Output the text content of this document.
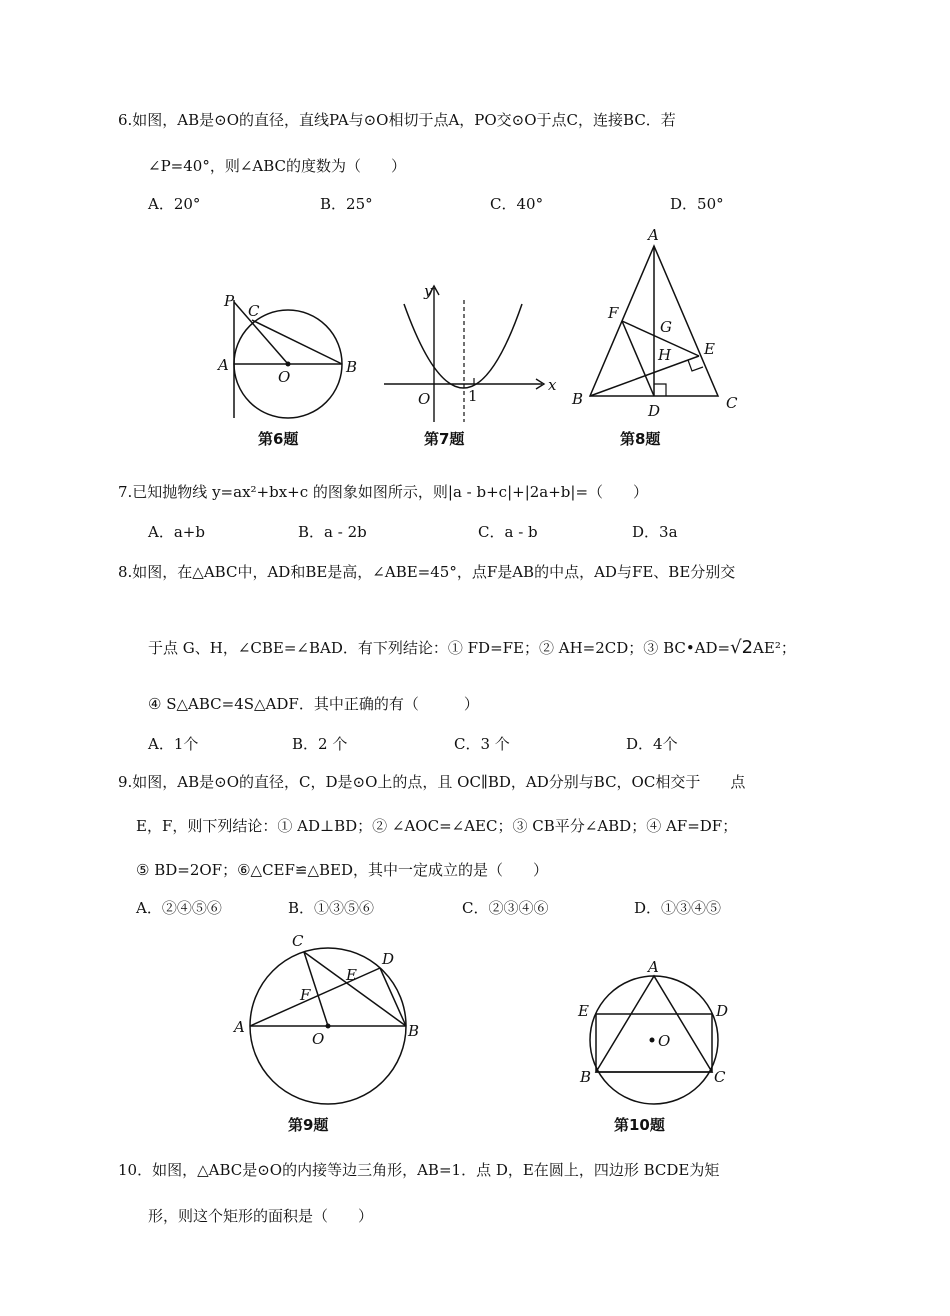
6.如图，AB是⊙O的直径，直线PA与⊙O相切于点A，PO交⊙O于点C，连接BC．若
∠P=40°，则∠ABC的度数为（　　）
A．20°	B．25°	C．40°	D．50°
P
C
A
O
B
第6题
y
x
O	1
第7题
A
F
G
E
H
B
D	C
第8题
7.已知抛物线 y=ax²+bx+c 的图象如图所示，则|a - b+c|+|2a+b|=（　　）
A．a+b	B．a - 2b	C．a - b	D．3a
8.如图，在△ABC中，AD和BE是高，∠ABE=45°，点F是AB的中点，AD与FE、BE分别交
于点 G、H，∠CBE=∠BAD．有下列结论：① FD=FE；② AH=2CD；③ BC•AD=√2AE²；
④ S△ABC=4S△ADF．其中正确的有（　　　）
A．1个	B．2 个	C．3 个	D．4个
9.如图，AB是⊙O的直径，C，D是⊙O上的点，且 OC∥BD，AD分别与BC，OC相交于　　点
E，F，则下列结论：① AD⊥BD；② ∠AOC=∠AEC；③ CB平分∠ABD；④ AF=DF；
⑤ BD=2OF；⑥△CEF≌△BED，其中一定成立的是（　　）
A．②④⑤⑥	B．①③⑤⑥	C．②③④⑥	D．①③④⑤
C
D
E
F
A
O	B
第9题
A
E	D
O
B	C
第10题
10．如图，△ABC是⊙O的内接等边三角形，AB=1．点 D，E在圆上，四边形 BCDE为矩
形，则这个矩形的面积是（　　）
